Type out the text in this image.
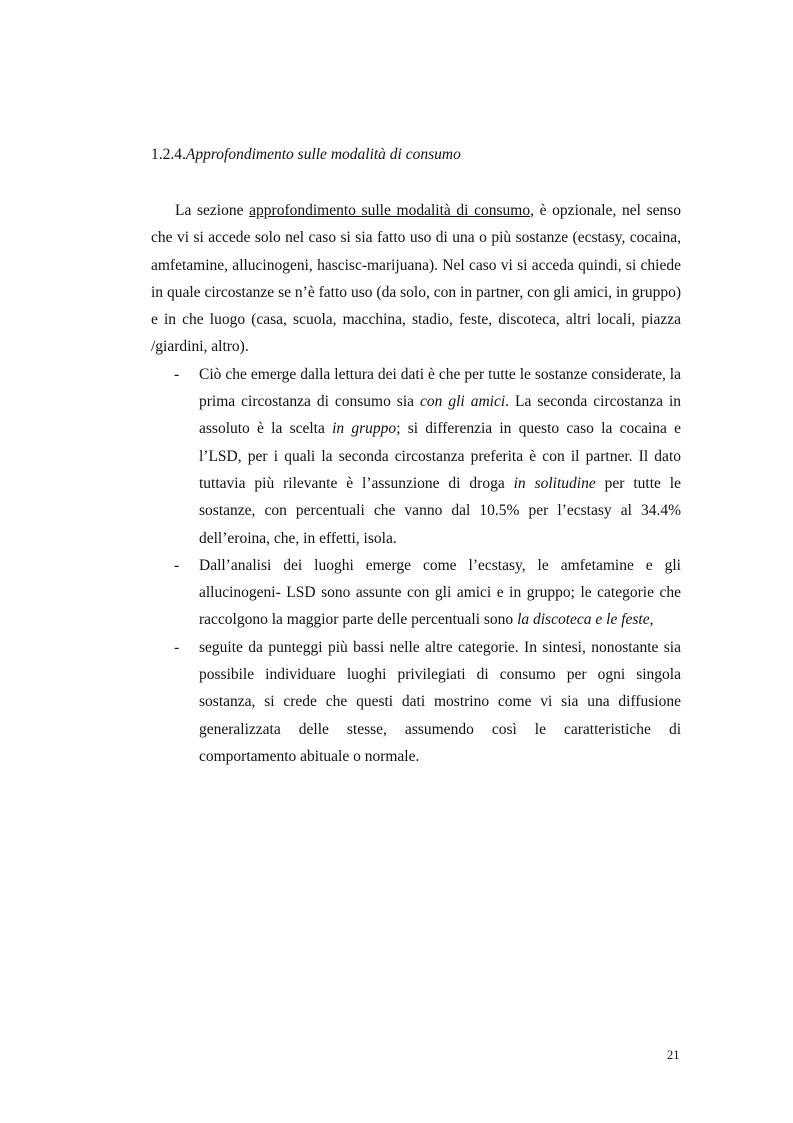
1.2.4.Approfondimento sulle modalità di consumo

La sezione approfondimento sulle modalità di consumo, è opzionale, nel senso che vi si accede solo nel caso si sia fatto uso di una o più sostanze (ecstasy, cocaina, amfetamine, allucinogeni, hascisc-marijuana). Nel caso vi si acceda quindi, si chiede in quale circostanze se n’è fatto uso (da solo, con in partner, con gli amici, in gruppo) e in che luogo (casa, scuola, macchina, stadio, feste, discoteca, altri locali, piazza /giardini, altro).

- Ciò che emerge dalla lettura dei dati è che per tutte le sostanze considerate, la prima circostanza di consumo sia con gli amici. La seconda circostanza in assoluto è la scelta in gruppo; si differenzia in questo caso la cocaina e l’LSD, per i quali la seconda circostanza preferita è con il partner. Il dato tuttavia più rilevante è l’assunzione di droga in solitudine per tutte le sostanze, con percentuali che vanno dal 10.5% per l’ecstasy al 34.4% dell’eroina, che, in effetti, isola.
- Dall’analisi dei luoghi emerge come l’ecstasy, le amfetamine e gli allucinogeni- LSD sono assunte con gli amici e in gruppo; le categorie che raccolgono la maggior parte delle percentuali sono la discoteca e le feste,
- seguite da punteggi più bassi nelle altre categorie. In sintesi, nonostante sia possibile individuare luoghi privilegiati di consumo per ogni singola sostanza, si crede che questi dati mostrino come vi sia una diffusione generalizzata delle stesse, assumendo così le caratteristiche di comportamento abituale o normale.
21
